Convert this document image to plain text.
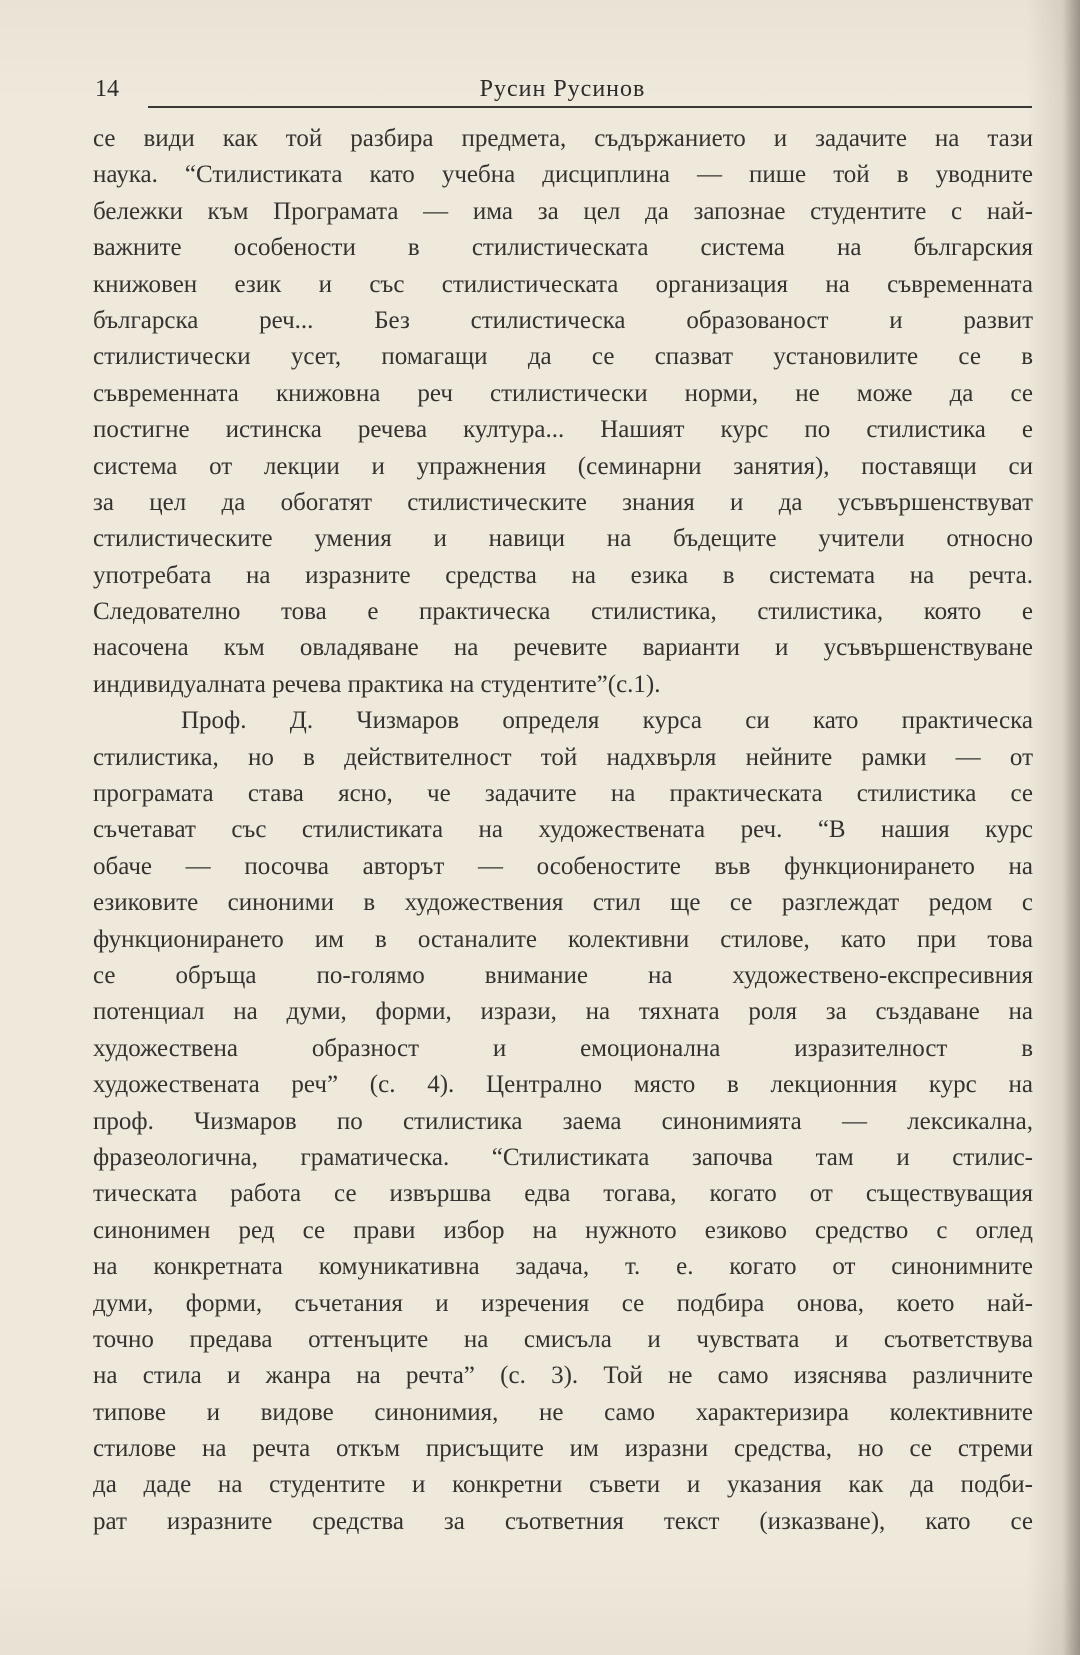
14	Русин Русинов
се види как той разбира предмета, съдържанието и задачите на тази
наука. “Стилистиката като учебна дисциплина — пише той в уводните
бележки към Програмата — има за цел да запознае студентите с най-
важните особености в стилистическата система на българския
книжовен език и със стилистическата организация на съвременната
българска реч... Без стилистическа образованост и развит
стилистически усет, помагащи да се спазват установилите се в
съвременната книжовна реч стилистически норми, не може да се
постигне истинска речева култура... Нашият курс по стилистика е
система от лекции и упражнения (семинарни занятия), поставящи си
за цел да обогатят стилистическите знания и да усъвършенствуват
стилистическите умения и навици на бъдещите учители относно
употребата на изразните средства на езика в системата на речта.
Следователно това е практическа стилистика, стилистика, която е
насочена към овладяване на речевите варианти и усъвършенствуване
индивидуалната речева практика на студентите”(с.1).
Проф. Д. Чизмаров определя курса си като практическа
стилистика, но в действителност той надхвърля нейните рамки — от
програмата става ясно, че задачите на практическата стилистика се
съчетават със стилистиката на художествената реч. “В нашия курс
обаче — посочва авторът — особеностите във функционирането на
езиковите синоними в художествения стил ще се разглеждат редом с
функционирането им в останалите колективни стилове, като при това
се обръща по-голямо внимание на художествено-експресивния
потенциал на думи, форми, изрази, на тяхната роля за създаване на
художествена образност и емоционална изразителност в
художествената реч” (с. 4). Централно място в лекционния курс на
проф. Чизмаров по стилистика заема синонимията — лексикална,
фразеологична, граматическа. “Стилистиката започва там и стилис-
тическата работа се извършва едва тогава, когато от съществуващия
синонимен ред се прави избор на нужното езиково средство с оглед
на конкретната комуникативна задача, т. е. когато от синонимните
думи, форми, съчетания и изречения се подбира онова, което най-
точно предава оттенъците на смисъла и чувствата и съответствува
на стила и жанра на речта” (с. 3). Той не само изяснява различните
типове и видове синонимия, не само характеризира колективните
стилове на речта откъм присъщите им изразни средства, но се стреми
да даде на студентите и конкретни съвети и указания как да подби-
рат изразните средства за съответния текст (изказване), като се
